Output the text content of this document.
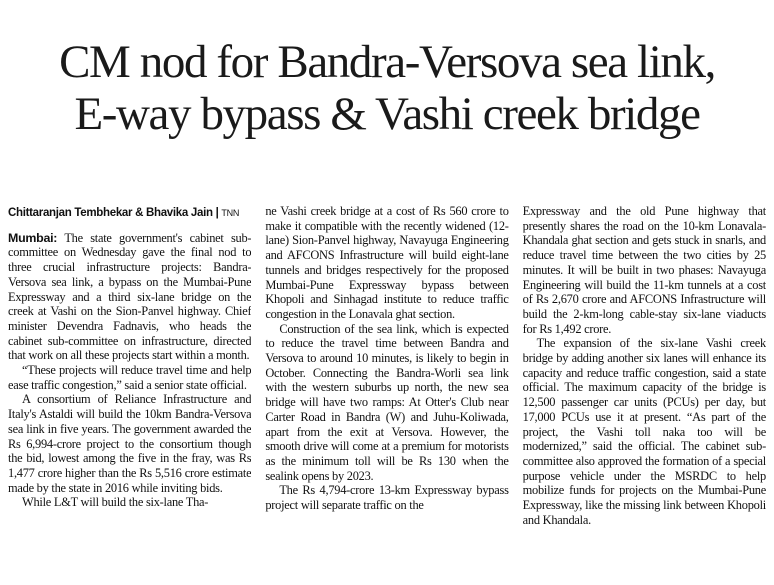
CM nod for Bandra-Versova sea link,
E-way bypass & Vashi creek bridge
Chittaranjan Tembhekar & Bhavika Jain | TNN

Mumbai: The state government's cabinet sub-committee on Wednesday gave the final nod to three crucial infrastructure projects: Bandra-Versova sea link, a bypass on the Mumbai-Pune Expressway and a third six-lane bridge on the creek at Vashi on the Sion-Panvel highway. Chief minister Devendra Fadnavis, who heads the cabinet sub-committee on infrastructure, directed that work on all these projects start within a month.

“These projects will reduce travel time and help ease traffic congestion,” said a senior state official.

A consortium of Reliance Infrastructure and Italy's Astaldi will build the 10km Bandra-Versova sea link in five years. The government awarded the Rs 6,994-crore project to the consortium though the bid, lowest among the five in the fray, was Rs 1,477 crore higher than the Rs 5,516 crore estimate made by the state in 2016 while inviting bids.

While L&T will build the six-lane Tha-

ne Vashi creek bridge at a cost of Rs 560 crore to make it compatible with the recently widened (12-lane) Sion-Panvel highway, Navayuga Engineering and AFCONS Infrastructure will build eight-lane tunnels and bridges respectively for the proposed Mumbai-Pune Expressway bypass between Khopoli and Sinhagad institute to reduce traffic congestion in the Lonavala ghat section.

Construction of the sea link, which is expected to reduce the travel time between Bandra and Versova to around 10 minutes, is likely to begin in October. Connecting the Bandra-Worli sea link with the western suburbs up north, the new sea bridge will have two ramps: At Otter's Club near Carter Road in Bandra (W) and Juhu-Koliwada, apart from the exit at Versova. However, the smooth drive will come at a premium for motorists as the minimum toll will be Rs 130 when the sealink opens by 2023.

The Rs 4,794-crore 13-km Expressway bypass project will separate traffic on the

Expressway and the old Pune highway that presently shares the road on the 10-km Lonavala-Khandala ghat section and gets stuck in snarls, and reduce travel time between the two cities by 25 minutes. It will be built in two phases: Navayuga Engineering will build the 11-km tunnels at a cost of Rs 2,670 crore and AFCONS Infrastructure will build the 2-km-long cable-stay six-lane viaducts for Rs 1,492 crore.

The expansion of the six-lane Vashi creek bridge by adding another six lanes will enhance its capacity and reduce traffic congestion, said a state official. The maximum capacity of the bridge is 12,500 passenger car units (PCUs) per day, but 17,000 PCUs use it at present. “As part of the project, the Vashi toll naka too will be modernized,” said the official. The cabinet sub-committee also approved the formation of a special purpose vehicle under the MSRDC to help mobilize funds for projects on the Mumbai-Pune Expressway, like the missing link between Khopoli and Khandala.
